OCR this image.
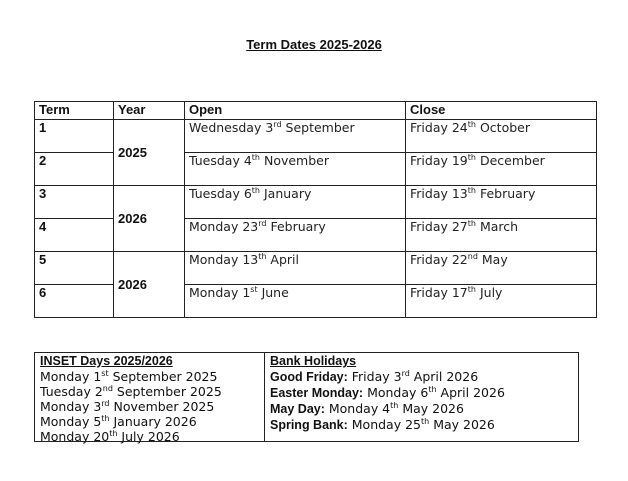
Term Dates 2025-2026
Term	Year	Open	Close
1	2025	Wednesday 3rd September	Friday 24th October
2		Tuesday 4th November	Friday 19th December
3	2026	Tuesday 6th January	Friday 13th February
4		Monday 23rd February	Friday 27th March
5	2026	Monday 13th April	Friday 22nd May
6		Monday 1st June	Friday 17th July
INSET Days 2025/2026
Monday 1st September 2025
Tuesday 2nd September 2025
Monday 3rd November 2025
Monday 5th January 2026
Monday 20th July 2026
Bank Holidays
Good Friday: Friday 3rd April 2026
Easter Monday: Monday 6th April 2026
May Day: Monday 4th May 2026
Spring Bank: Monday 25th May 2026
